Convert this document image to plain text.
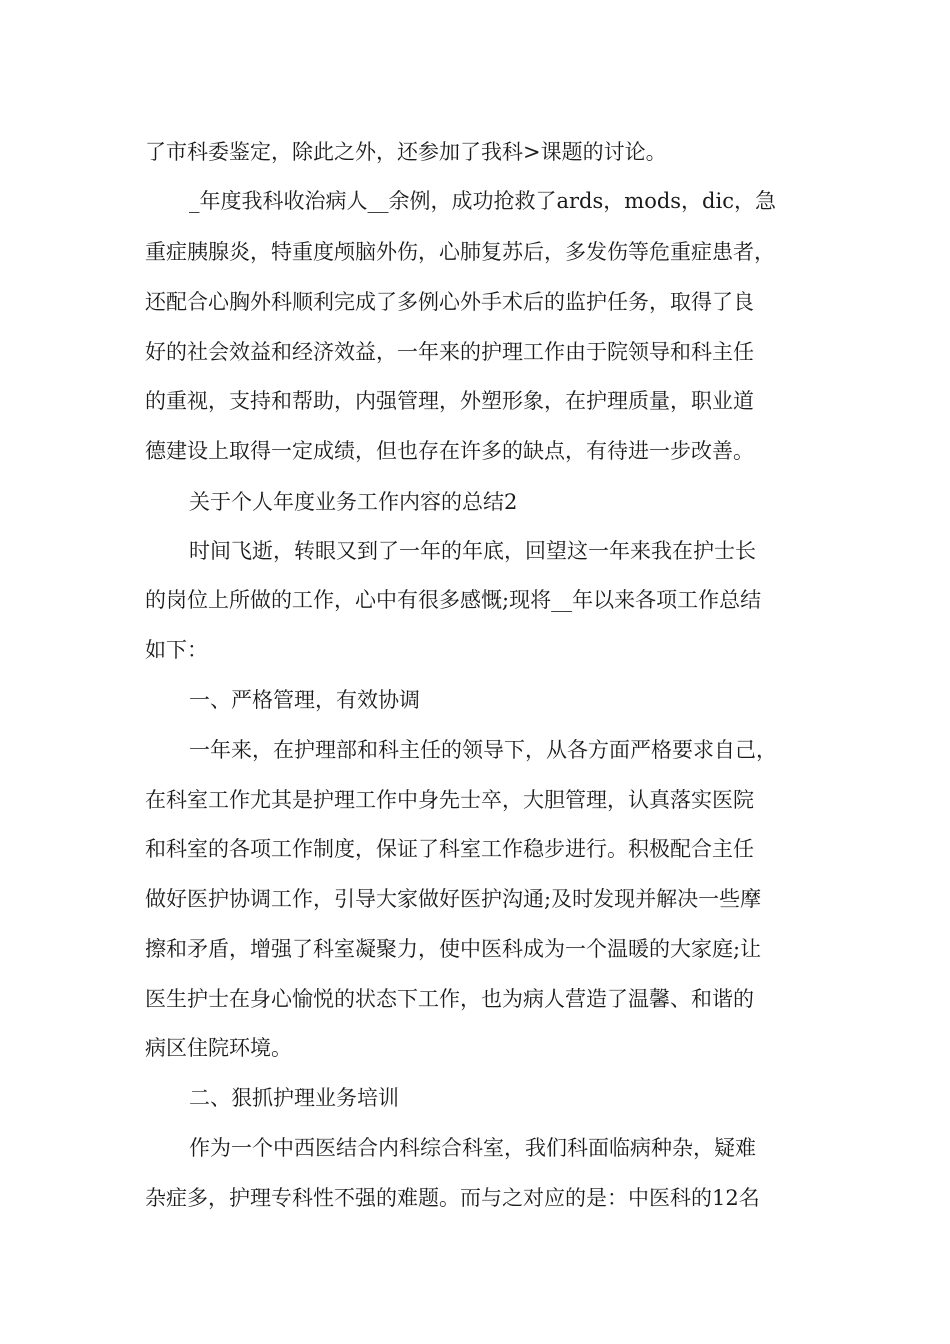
了市科委鉴定，除此之外，还参加了我科>课题的讨论。
_年度我科收治病人__余例，成功抢救了ards，mods，dic，急
重症胰腺炎，特重度颅脑外伤，心肺复苏后，多发伤等危重症患者，
还配合心胸外科顺利完成了多例心外手术后的监护任务，取得了良
好的社会效益和经济效益，一年来的护理工作由于院领导和科主任
的重视，支持和帮助，内强管理，外塑形象，在护理质量，职业道
德建设上取得一定成绩，但也存在许多的缺点，有待进一步改善。
关于个人年度业务工作内容的总结2
时间飞逝，转眼又到了一年的年底，回望这一年来我在护士长
的岗位上所做的工作，心中有很多感慨;现将__年以来各项工作总结
如下：
一、严格管理，有效协调
一年来，在护理部和科主任的领导下，从各方面严格要求自己，
在科室工作尤其是护理工作中身先士卒，大胆管理，认真落实医院
和科室的各项工作制度，保证了科室工作稳步进行。积极配合主任
做好医护协调工作，引导大家做好医护沟通;及时发现并解决一些摩
擦和矛盾，增强了科室凝聚力，使中医科成为一个温暖的大家庭;让
医生护士在身心愉悦的状态下工作，也为病人营造了温馨、和谐的
病区住院环境。
二、狠抓护理业务培训
作为一个中西医结合内科综合科室，我们科面临病种杂，疑难
杂症多，护理专科性不强的难题。而与之对应的是：中医科的12名
